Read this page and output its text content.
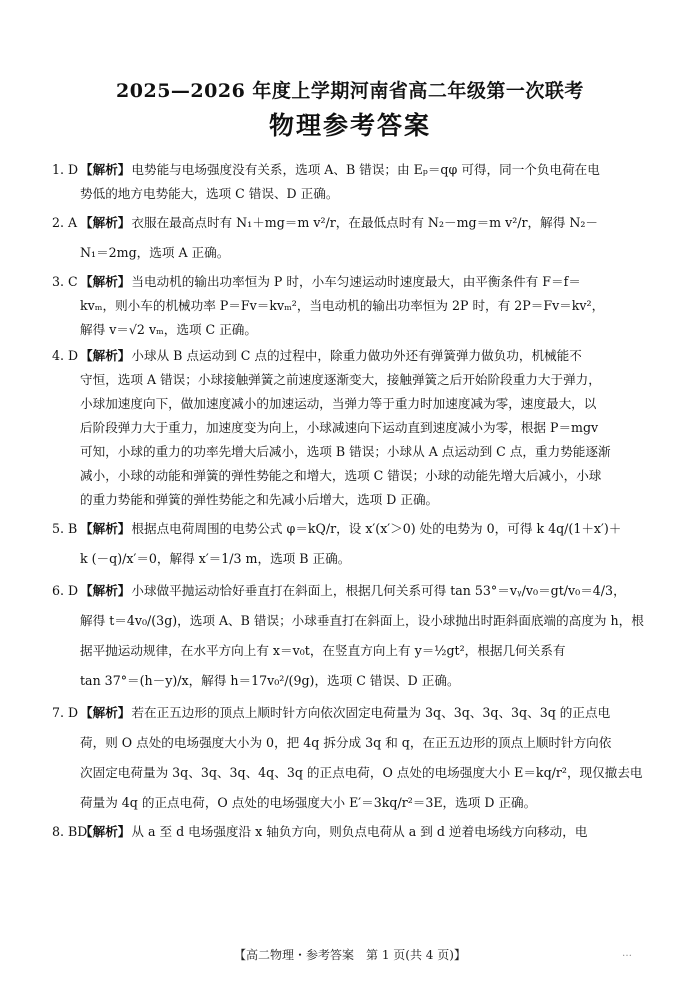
2025—2026 年度上学期河南省高二年级第一次联考
物理参考答案
1. D 【解析】电势能与电场强度没有关系，选项 A、B 错误；由 Eₚ＝qφ 可得，同一个负电荷在电

势低的地方电势能大，选项 C 错误、D 正确。

2. A 【解析】衣服在最高点时有 N₁＋mg＝m v²/r，在最低点时有 N₂－mg＝m v²/r，解得 N₂－

N₁＝2mg，选项 A 正确。

3. C 【解析】当电动机的输出功率恒为 P 时，小车匀速运动时速度最大，由平衡条件有 F＝f＝

kvₘ，则小车的机械功率 P＝Fv＝kvₘ²，当电动机的输出功率恒为 2P 时，有 2P＝Fv＝kv²，

解得 v＝√2 vₘ，选项 C 正确。

4. D 【解析】小球从 B 点运动到 C 点的过程中，除重力做功外还有弹簧弹力做负功，机械能不

守恒，选项 A 错误；小球接触弹簧之前速度逐渐变大，接触弹簧之后开始阶段重力大于弹力，

小球加速度向下，做加速度减小的加速运动，当弹力等于重力时加速度减为零，速度最大，以

后阶段弹力大于重力，加速度变为向上，小球减速向下运动直到速度减小为零，根据 P＝mgv

可知，小球的重力的功率先增大后减小，选项 B 错误；小球从 A 点运动到 C 点，重力势能逐渐

减小，小球的动能和弹簧的弹性势能之和增大，选项 C 错误；小球的动能先增大后减小，小球

的重力势能和弹簧的弹性势能之和先减小后增大，选项 D 正确。

5. B 【解析】根据点电荷周围的电势公式 φ＝kQ/r，设 x′(x′＞0) 处的电势为 0，可得 k 4q/(1＋x′)＋

k (－q)/x′＝0，解得 x′＝1/3 m，选项 B 正确。

6. D 【解析】小球做平抛运动恰好垂直打在斜面上，根据几何关系可得 tan 53°＝vᵧ/v₀＝gt/v₀＝4/3，

解得 t＝4v₀/(3g)，选项 A、B 错误；小球垂直打在斜面上，设小球抛出时距斜面底端的高度为 h，根

据平抛运动规律，在水平方向上有 x＝v₀t，在竖直方向上有 y＝½gt²，根据几何关系有

tan 37°＝(h－y)/x，解得 h＝17v₀²/(9g)，选项 C 错误、D 正确。

7. D 【解析】若在正五边形的顶点上顺时针方向依次固定电荷量为 3q、3q、3q、3q、3q 的正点电

荷，则 O 点处的电场强度大小为 0，把 4q 拆分成 3q 和 q，在正五边形的顶点上顺时针方向依

次固定电荷量为 3q、3q、3q、4q、3q 的正点电荷，O 点处的电场强度大小 E＝kq/r²，现仅撤去电

荷量为 4q 的正点电荷，O 点处的电场强度大小 E′＝3kq/r²＝3E，选项 D 正确。

8. BD

【解析】从 a 至 d 电场强度沿 x 轴负方向，则负点电荷从 a 到 d 逆着电场线方向移动，电

【高二物理・参考答案　第 1 页(共 4 页)】	…
